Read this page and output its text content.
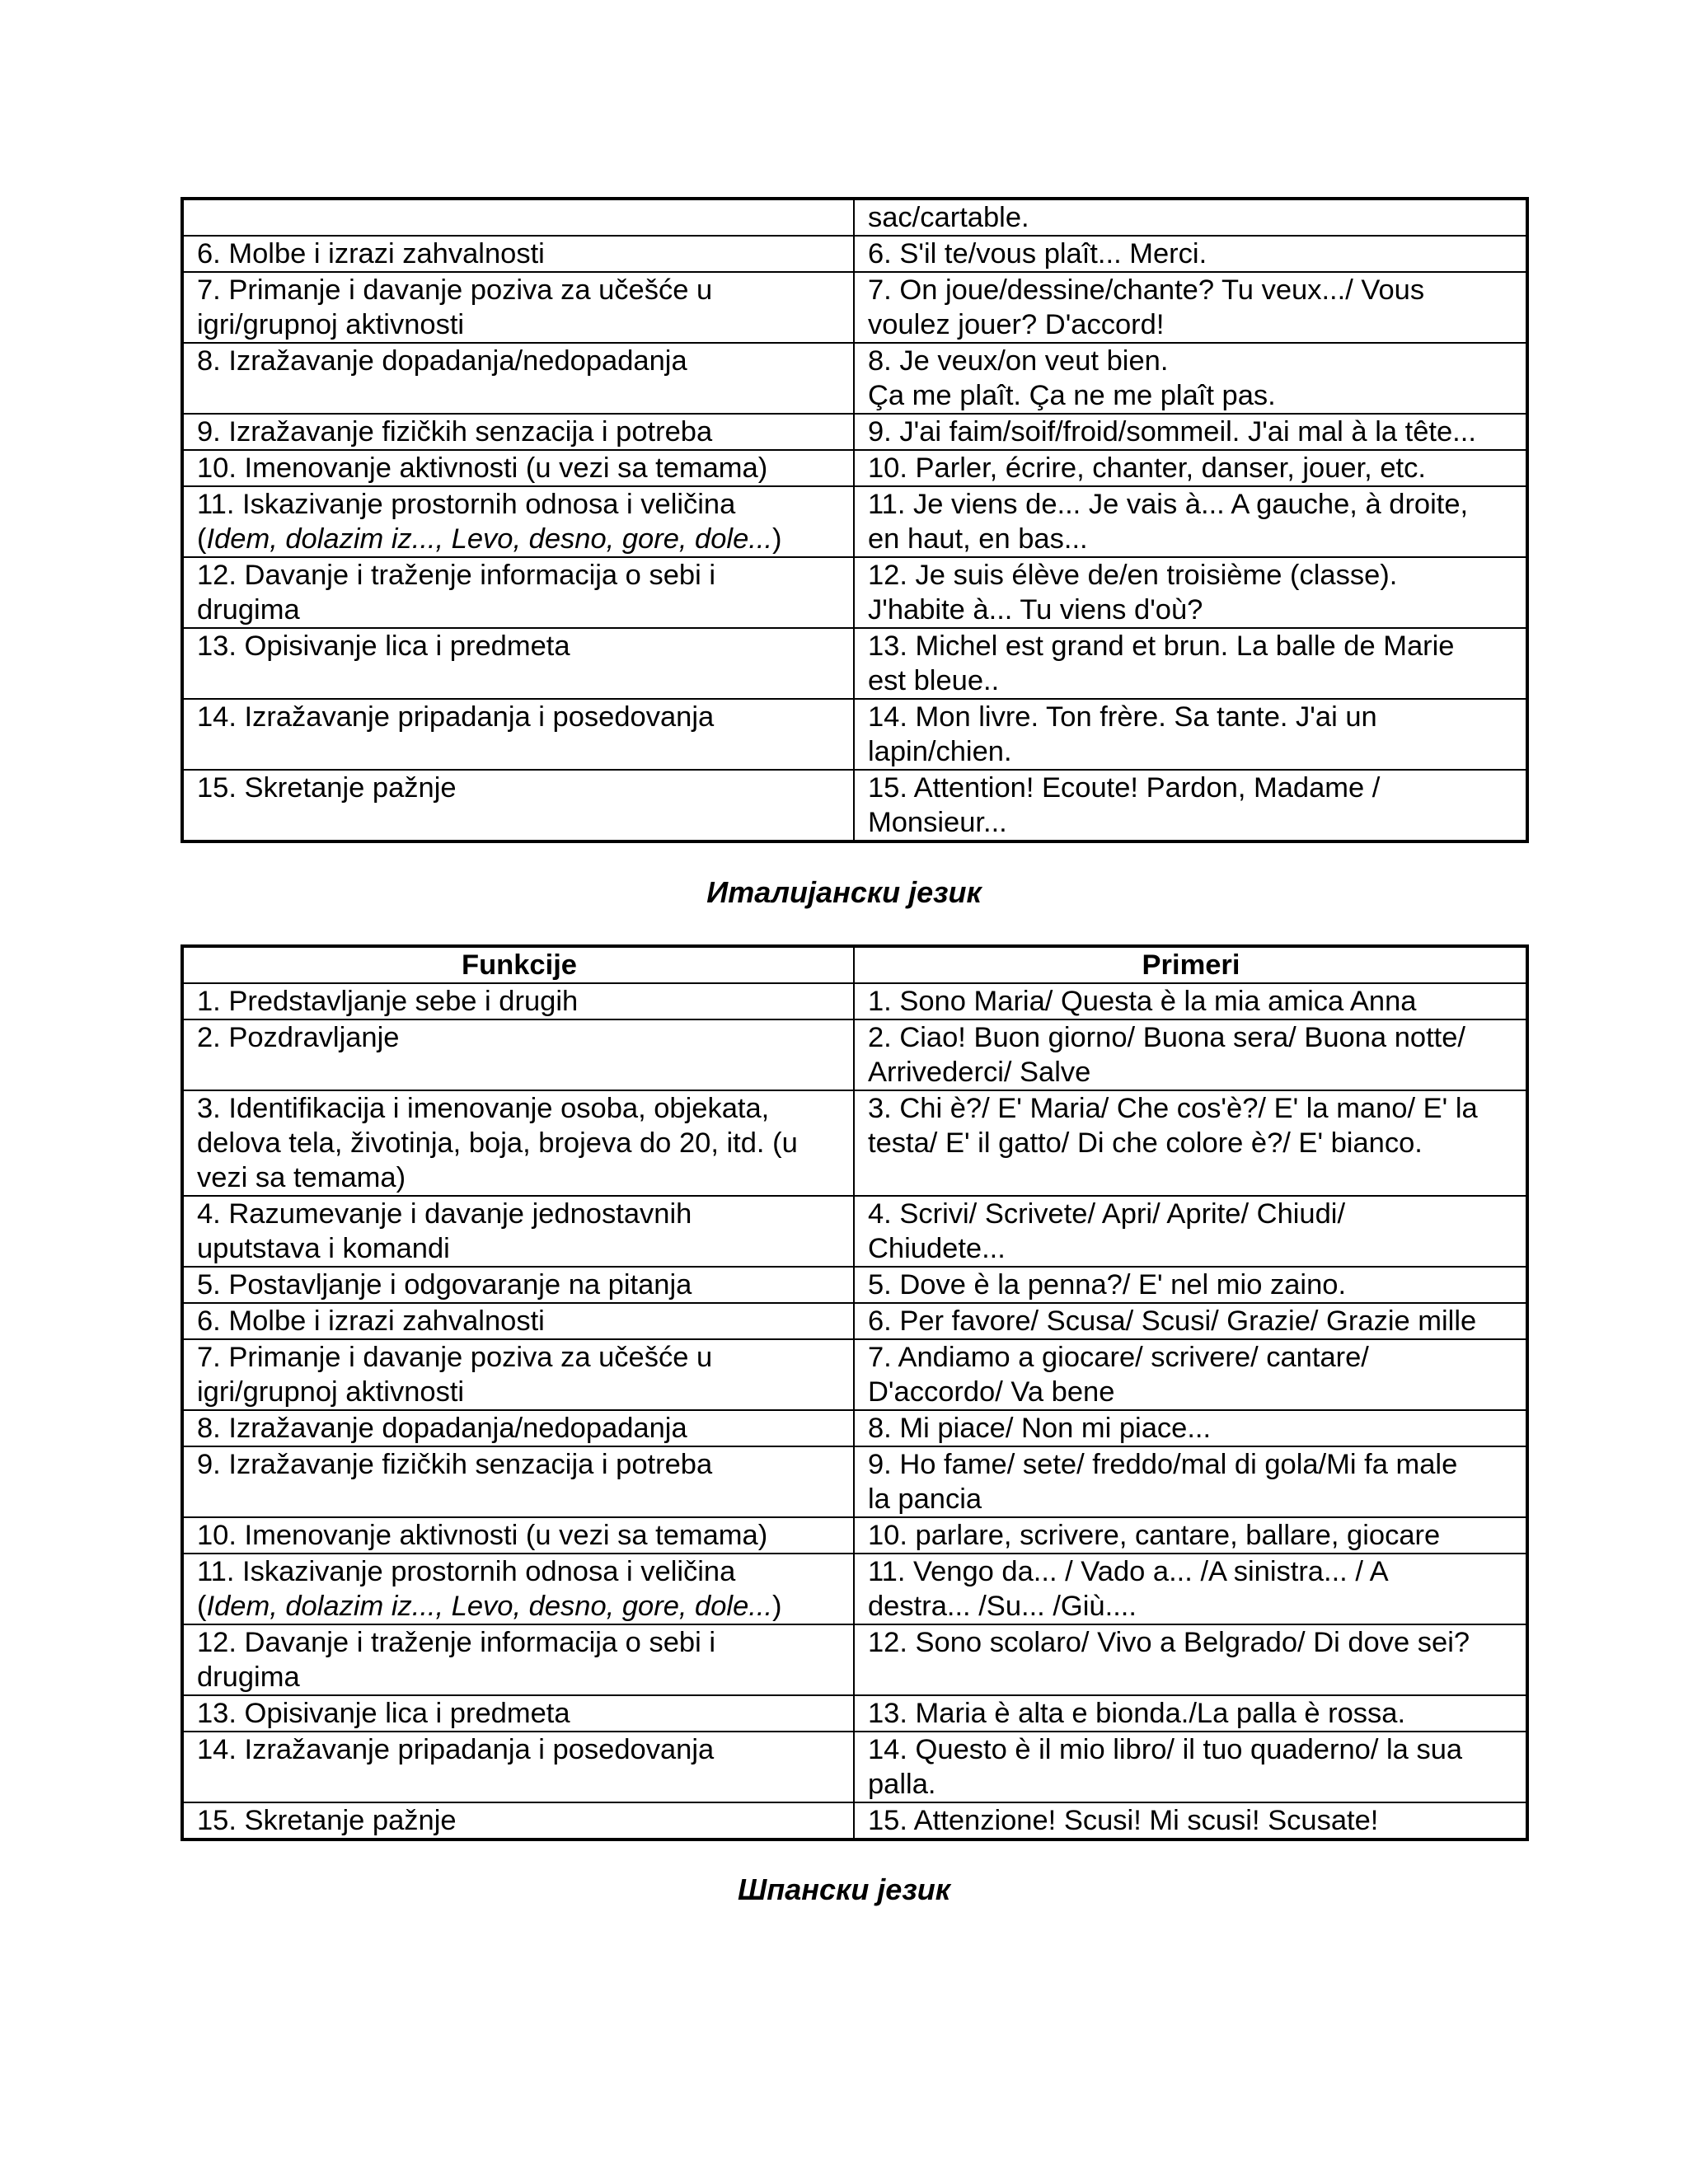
	sac/cartable.
6. Molbe i izrazi zahvalnosti	6. S'il te/vous plaît... Merci.
7. Primanje i davanje poziva za učešće u
igri/grupnoj aktivnosti	7. On joue/dessine/chante? Tu veux.../ Vous
voulez jouer? D'accord!
8. Izražavanje dopadanja/nedopadanja	8. Je veux/on veut bien.
Ça me plaît. Ça ne me plaît pas.
9. Izražavanje fizičkih senzacija i potreba	9. J'ai faim/soif/froid/sommeil. J'ai mal à la tête...
10. Imenovanje aktivnosti (u vezi sa temama)	10. Parler, écrire, chanter, danser, jouer, etc.
11. Iskazivanje prostornih odnosa i veličina
(Idem, dolazim iz..., Levo, desno, gore, dole...)	11. Je viens de... Je vais à... A gauche, à droite,
en haut, en bas...
12. Davanje i traženje informacija o sebi i
drugima	12. Je suis élève de/en troisième (classe).
J'habite à... Tu viens d'où?
13. Opisivanje lica i predmeta	13. Michel est grand et brun. La balle de Marie
est bleue..
14. Izražavanje pripadanja i posedovanja	14. Mon livre. Ton frère. Sa tante. J'ai un
lapin/chien.
15. Skretanje pažnje	15. Attention! Ecoute! Pardon, Madame /
Monsieur...
Италијански језик
Funkcije	Primeri
1. Predstavljanje sebe i drugih	1. Sono Maria/ Questa è la mia amica Anna
2. Pozdravljanje	2. Ciao! Buon giorno/ Buona sera/ Buona notte/
Arrivederci/ Salve
3. Identifikacija i imenovanje osoba, objekata,
delova tela, životinja, boja, brojeva do 20, itd. (u
vezi sa temama)	3. Chi è?/ E' Maria/ Che cos'è?/ E' la mano/ E' la
testa/ E' il gatto/ Di che colore è?/ E' bianco.
4. Razumevanje i davanje jednostavnih
uputstava i komandi	4. Scrivi/ Scrivete/ Apri/ Aprite/ Chiudi/
Chiudete...
5. Postavljanje i odgovaranje na pitanja	5. Dove è la penna?/ E' nel mio zaino.
6. Molbe i izrazi zahvalnosti	6. Per favore/ Scusa/ Scusi/ Grazie/ Grazie mille
7. Primanje i davanje poziva za učešće u
igri/grupnoj aktivnosti	7. Andiamo a giocare/ scrivere/ cantare/
D'accordo/ Va bene
8. Izražavanje dopadanja/nedopadanja	8. Mi piace/ Non mi piace...
9. Izražavanje fizičkih senzacija i potreba	9. Ho fame/ sete/ freddo/mal di gola/Mi fa male
la pancia
10. Imenovanje aktivnosti (u vezi sa temama)	10. parlare, scrivere, cantare, ballare, giocare
11. Iskazivanje prostornih odnosa i veličina
(Idem, dolazim iz..., Levo, desno, gore, dole...)	11. Vengo da... / Vado a... /A sinistra... / A
destra... /Su... /Giù....
12. Davanje i traženje informacija o sebi i
drugima	12. Sono scolaro/ Vivo a Belgrado/ Di dove sei?
13. Opisivanje lica i predmeta	13. Maria è alta e bionda./La palla è rossa.
14. Izražavanje pripadanja i posedovanja	14. Questo è il mio libro/ il tuo quaderno/ la sua
palla.
15. Skretanje pažnje	15. Attenzione! Scusi! Mi scusi! Scusate!
Шпански језик
